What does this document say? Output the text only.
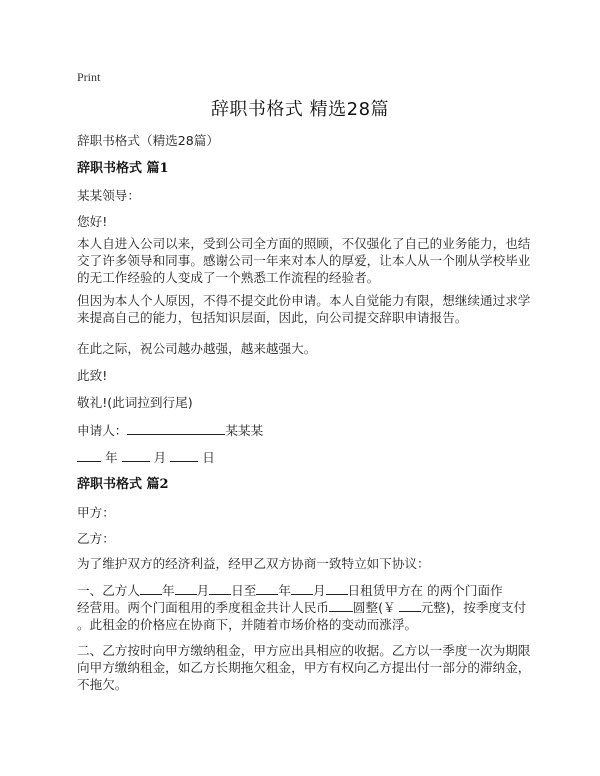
Print
辞职书格式 精选28篇
辞职书格式（精选28篇）
辞职书格式 篇1
某某领导：
您好!
本人自进入公司以来，受到公司全方面的照顾，不仅强化了自己的业务能力，也结
交了许多领导和同事。感谢公司一年来对本人的厚爱，让本人从一个刚从学校毕业
的无工作经验的人变成了一个熟悉工作流程的经验者。
但因为本人个人原因，不得不提交此份申请。本人自觉能力有限，想继续通过求学
来提高自己的能力，包括知识层面，因此，向公司提交辞职申请报告。
在此之际，祝公司越办越强，越来越强大。
此致!
敬礼!(此词拉到行尾)
申请人：	某某某
年	月	日
辞职书格式 篇2
甲方：
乙方：
为了维护双方的经济利益，经甲乙双方协商一致特立如下协议：
一、乙方人 年 月 日至 年 月 日租赁甲方在 的两个门面作
经营用。两个门面租用的季度租金共计人民币 圆整(￥ 元整)，按季度支付
。此租金的价格应在协商下，并随着市场价格的变动而涨浮。
二、乙方按时向甲方缴纳租金，甲方应出具相应的收据。乙方以一季度一次为期限
向甲方缴纳租金，如乙方长期拖欠租金，甲方有权向乙方提出付一部分的滞纳金，
不拖欠。
